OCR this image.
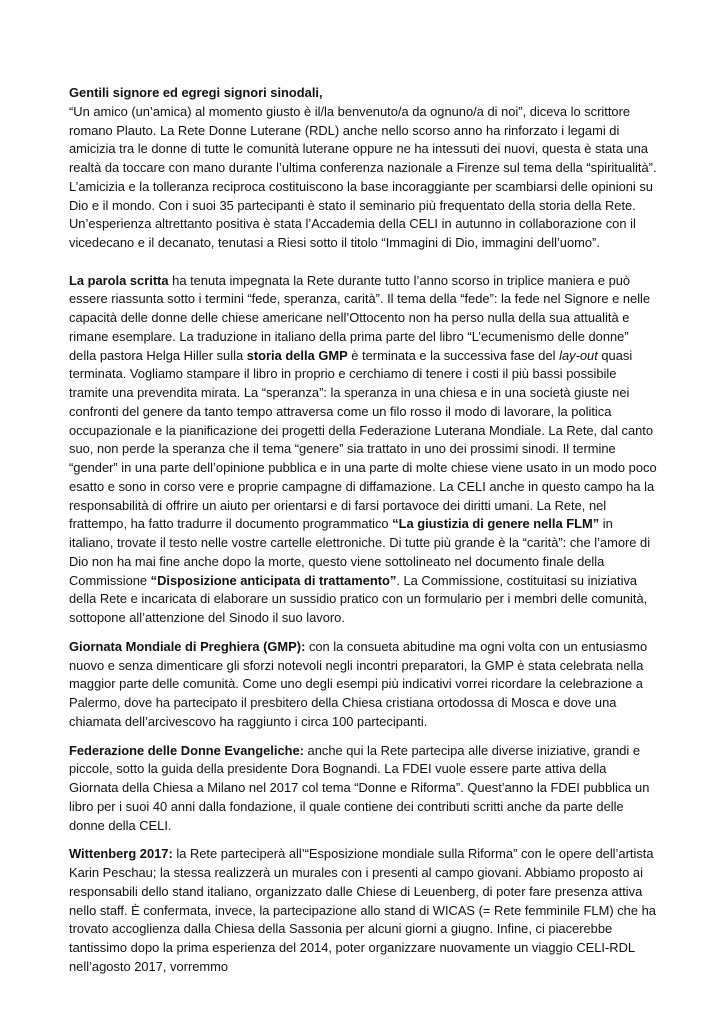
Gentili signore ed egregi signori sinodali,

“Un amico (un’amica) al momento giusto è il/la benvenuto/a da ognuno/a di noi”, diceva lo scrittore romano Plauto. La Rete Donne Luterane (RDL) anche nello scorso anno ha rinforzato i legami di amicizia tra le donne di tutte le comunità luterane oppure ne ha intessuti dei nuovi, questa è stata una realtà da toccare con mano durante l’ultima conferenza nazionale a Firenze sul tema della “spiritualità”. L’amicizia e la tolleranza reciproca costituiscono la base incoraggiante per scambiarsi delle opinioni su Dio e il mondo. Con i suoi 35 partecipanti è stato il seminario più frequentato della storia della Rete. Un’esperienza altrettanto positiva è stata l’Accademia della CELI in autunno in collaborazione con il vicedecano e il decanato, tenutasi a Riesi sotto il titolo “Immagini di Dio, immagini dell’uomo”.

La parola scritta ha tenuta impegnata la Rete durante tutto l’anno scorso in triplice maniera e può essere riassunta sotto i termini “fede, speranza, carità”. Il tema della “fede”: la fede nel Signore e nelle capacità delle donne delle chiese americane nell’Ottocento non ha perso nulla della sua attualità e rimane esemplare. La traduzione in italiano della prima parte del libro “L’ecumenismo delle donne” della pastora Helga Hiller sulla storia della GMP è terminata e la successiva fase del lay-out quasi terminata. Vogliamo stampare il libro in proprio e cerchiamo di tenere i costi il più bassi possibile tramite una prevendita mirata. La “speranza”: la speranza in una chiesa e in una società giuste nei confronti del genere da tanto tempo attraversa come un filo rosso il modo di lavorare, la politica occupazionale e la pianificazione dei progetti della Federazione Luterana Mondiale. La Rete, dal canto suo, non perde la speranza che il tema “genere” sia trattato in uno dei prossimi sinodi. Il termine “gender” in una parte dell’opinione pubblica e in una parte di molte chiese viene usato in un modo poco esatto e sono in corso vere e proprie campagne di diffamazione. La CELI anche in questo campo ha la responsabilità di offrire un aiuto per orientarsi e di farsi portavoce dei diritti umani. La Rete, nel frattempo, ha fatto tradurre il documento programmatico “La giustizia di genere nella FLM” in italiano, trovate il testo nelle vostre cartelle elettroniche. Di tutte più grande è la “carità”: che l’amore di Dio non ha mai fine anche dopo la morte, questo viene sottolineato nel documento finale della Commissione “Disposizione anticipata di trattamento”. La Commissione, costituitasi su iniziativa della Rete e incaricata di elaborare un sussidio pratico con un formulario per i membri delle comunità, sottopone all’attenzione del Sinodo il suo lavoro.

Giornata Mondiale di Preghiera (GMP): con la consueta abitudine ma ogni volta con un entusiasmo nuovo e senza dimenticare gli sforzi notevoli negli incontri preparatori, la GMP è stata celebrata nella maggior parte delle comunità. Come uno degli esempi più indicativi vorrei ricordare la celebrazione a Palermo, dove ha partecipato il presbitero della Chiesa cristiana ortodossa di Mosca e dove una chiamata dell’arcivescovo ha raggiunto i circa 100 partecipanti.

Federazione delle Donne Evangeliche: anche qui la Rete partecipa alle diverse iniziative, grandi e piccole, sotto la guida della presidente Dora Bognandi. La FDEI vuole essere parte attiva della Giornata della Chiesa a Milano nel 2017 col tema “Donne e Riforma”. Quest’anno la FDEI pubblica un libro per i suoi 40 anni dalla fondazione, il quale contiene dei contributi scritti anche da parte delle donne della CELI.

Wittenberg 2017: la Rete parteciperà all’“Esposizione mondiale sulla Riforma” con le opere dell’artista Karin Peschau; la stessa realizzerà un murales con i presenti al campo giovani. Abbiamo proposto ai responsabili dello stand italiano, organizzato dalle Chiese di Leuenberg, di poter fare presenza attiva nello staff. È confermata, invece, la partecipazione allo stand di WICAS (= Rete femminile FLM) che ha trovato accoglienza dalla Chiesa della Sassonia per alcuni giorni a giugno. Infine, ci piacerebbe tantissimo dopo la prima esperienza del 2014, poter organizzare nuovamente un viaggio CELI-RDL nell’agosto 2017, vorremmo
